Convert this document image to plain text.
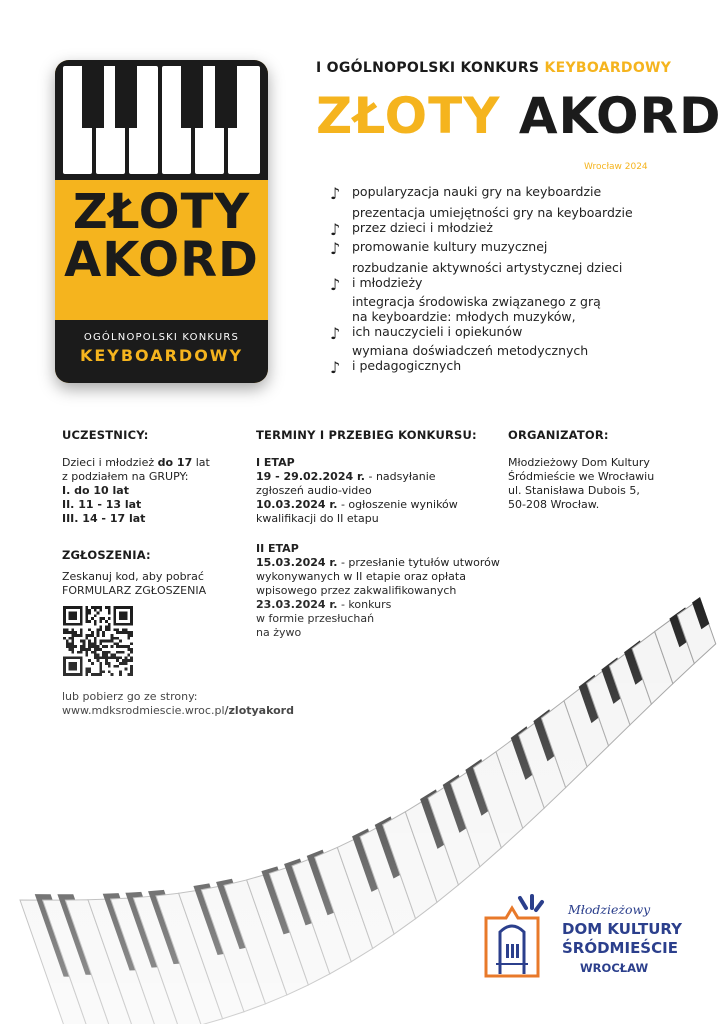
ZŁOTY
AKORD
OGÓLNOPOLSKI KONKURS
KEYBOARDOWY
I OGÓLNOPOLSKI KONKURS KEYBOARDOWY
ZŁOTY AKORD
Wrocław 2024
♪ popularyzacja nauki gry na keyboardzie
♪
prezentacja umiejętności gry na keyboardzie
przez dzieci i młodzież
♪ promowanie kultury muzycznej
♪
rozbudzanie aktywności artystycznej dzieci
i młodzieży
♪
integracja środowiska związanego z grą
na keyboardzie: młodych muzyków,
ich nauczycieli i opiekunów
♪
wymiana doświadczeń metodycznych
i pedagogicznych
UCZESTNICY:
Dzieci i młodzież do 17 lat
z podziałem na GRUPY:
I. do 10 lat
II. 11 - 13 lat
III. 14 - 17 lat
ZGŁOSZENIA:
TERMINY I PRZEBIEG KONKURSU:
I ETAP
19 - 29.02.2024 r. - nadsyłanie
zgłoszeń audio-video
10.03.2024 r. - ogłoszenie wyników
kwalifikacji do II etapu
II ETAP
15.03.2024 r. - przesłanie tytułów utworów
ORGANIZATOR:
Młodzieżowy Dom Kultury
Śródmieście we Wrocławiu
ul. Stanisława Dubois 5,
50-208 Wrocław.
Młodzieżowy
DOM KULTURY
ŚRÓDMIEŚCIE
WROCŁAW
